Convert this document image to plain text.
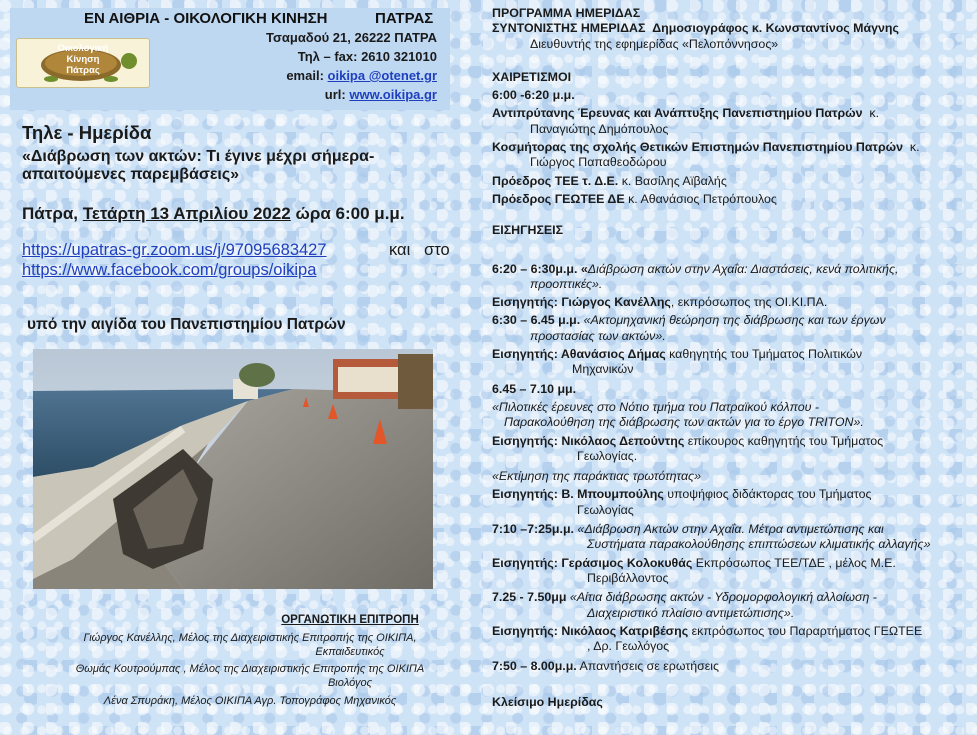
ΕΝ ΑΙΘΡΙΑ - ΟΙΚΟΛΟΓΙΚΗ ΚΙΝΗΣΗ	ΠΑΤΡΑΣ
Οικολογική
Κίνηση
Πάτρας
Τσαμαδού 21, 26222 ΠΑΤΡΑ
Τηλ – fax: 2610 321010
email: oikipa @otenet.gr
url: www.oikipa.gr
Τηλε - Ημερίδα
«Διάβρωση των ακτών: Τι έγινε μέχρι σήμερα-
απαιτούμενες παρεμβάσεις»
Πάτρα, Τετάρτη 13 Απριλίου 2022 ώρα 6:00 μ.μ.
https://upatras-gr.zoom.us/j/97095683427	και   στο
https://www.facebook.com/groups/oikipa
υπό την αιγίδα του Πανεπιστημίου Πατρών
ΟΡΓΑΝΩΤΙΚΗ ΕΠΙΤΡΟΠΗ
Γιώργος Κανέλλης, Μέλος της Διαχειριστικής Επιτροπής της ΟΙΚΙΠΑ,
Εκπαιδευτικός
Θωμάς Κουτρούμπας , Μέλος της Διαχειριστικής Επιτροπής της ΟΙΚΙΠΑ
Βιολόγος
Λένα Σπυράκη, Μέλος ΟΙΚΙΠΑ Αγρ. Τοπογράφος Μηχανικός

ΠΡΟΓΡΑΜΜΑ ΗΜΕΡΙΔΑΣ

ΣΥΝΤΟΝΙΣΤΗΣ ΗΜΕΡΙΔΑΣ Δημοσιογράφος κ. Κωνσταντίνος Μάγνης

Διευθυντής της εφημερίδας «Πελοπόννησος»

ΧΑΙΡΕΤΙΣΜΟΙ

6:00 -6:20 μ.μ.

Αντιπρύτανης Έρευνας και Ανάπτυξης Πανεπιστημίου Πατρών κ.

Παναγιώτης Δημόπουλος

Κοσμήτορας της σχολής Θετικών Επιστημών Πανεπιστημίου Πατρών κ.

Γιώργος Παπαθεοδώρου

Πρόεδρος ΤΕΕ τ. Δ.Ε. κ. Βασίλης Αϊβαλής

Πρόεδρος ΓΕΩΤΕΕ ΔΕ κ. Αθανάσιος Πετρόπουλος

ΕΙΣΗΓΗΣΕΙΣ

6:20 – 6:30μ.μ. «Διάβρωση ακτών στην Αχαΐα: Διαστάσεις, κενά πολιτικής,

προοπτικές».

Εισηγητής: Γιώργος Κανέλλης, εκπρόσωπος της ΟΙ.ΚΙ.ΠΑ.

6:30 – 6.45 μ.μ. «Ακτομηχανική θεώρηση της διάβρωσης και των έργων

προστασίας των ακτών».

Εισηγητής: Αθανάσιος Δήμας καθηγητής του Τμήματος Πολιτικών

Μηχανικών

6.45 – 7.10 μμ.

«Πιλοτικές έρευνες στο Νότιο τμήμα του Πατραϊκού κόλπου -

Παρακολούθηση της διάβρωσης των ακτών για το έργο TRITON».

Εισηγητής: Νικόλαος Δεπούντης επίκουρος καθηγητής του Τμήματος

Γεωλογίας.

«Εκτίμηση της παράκτιας τρωτότητας»

Εισηγητής: Β. Μπουμπούλης υποψήφιος διδάκτορας του Τμήματος

Γεωλογίας

7:10 –7:25μ.μ. «Διάβρωση Ακτών στην Αχαΐα. Μέτρα αντιμετώπισης και

Συστήματα παρακολούθησης επιπτώσεων κλιματικής αλλαγής»

Εισηγητής: Γεράσιμος Κολοκυθάς Εκπρόσωπος ΤΕΕ/ΤΔΕ , μέλος Μ.Ε.

Περιβάλλοντος

7.25 - 7.50μμ «Αίτια διάβρωσης ακτών - Υδρομορφολογική αλλοίωση -

Διαχειριστικό πλαίσιο αντιμετώπισης».

Εισηγητής: Νικόλαος Κατριβέσης εκπρόσωπος του Παραρτήματος ΓΕΩΤΕΕ

, Δρ. Γεωλόγος

7:50 – 8.00μ.μ. Απαντήσεις σε ερωτήσεις

Κλείσιμο Ημερίδας
